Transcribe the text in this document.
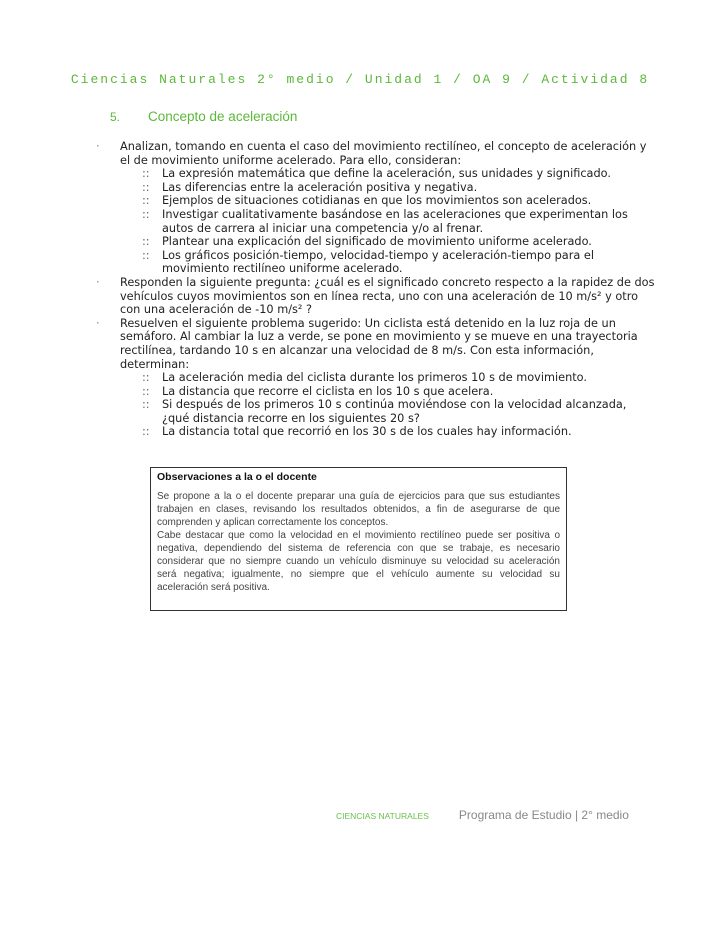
Ciencias Naturales 2° medio / Unidad 1 / OA 9 / Actividad 8
5. Concepto de aceleración
· Analizan, tomando en cuenta el caso del movimiento rectilíneo, el concepto de aceleración y el de movimiento uniforme acelerado. Para ello, consideran:
:: La expresión matemática que define la aceleración, sus unidades y significado.
:: Las diferencias entre la aceleración positiva y negativa.
:: Ejemplos de situaciones cotidianas en que los movimientos son acelerados.
:: Investigar cualitativamente basándose en las aceleraciones que experimentan los autos de carrera al iniciar una competencia y/o al frenar.
:: Plantear una explicación del significado de movimiento uniforme acelerado.
:: Los gráficos posición-tiempo, velocidad-tiempo y aceleración-tiempo para el movimiento rectilíneo uniforme acelerado.
· Responden la siguiente pregunta: ¿cuál es el significado concreto respecto a la rapidez de dos vehículos cuyos movimientos son en línea recta, uno con una aceleración de 10 m/s² y otro con una aceleración de -10 m/s² ?
· Resuelven el siguiente problema sugerido: Un ciclista está detenido en la luz roja de un semáforo. Al cambiar la luz a verde, se pone en movimiento y se mueve en una trayectoria rectilínea, tardando 10 s en alcanzar una velocidad de 8 m/s. Con esta información, determinan:
:: La aceleración media del ciclista durante los primeros 10 s de movimiento.
:: La distancia que recorre el ciclista en los 10 s que acelera.
:: Si después de los primeros 10 s continúa moviéndose con la velocidad alcanzada, ¿qué distancia recorre en los siguientes 20 s?
:: La distancia total que recorrió en los 30 s de los cuales hay información.
Observaciones a la o el docente

Se propone a la o el docente preparar una guía de ejercicios para que sus estudiantes trabajen en clases, revisando los resultados obtenidos, a fin de asegurarse de que comprenden y aplican correctamente los conceptos.

Cabe destacar que como la velocidad en el movimiento rectilíneo puede ser positiva o negativa, dependiendo del sistema de referencia con que se trabaje, es necesario considerar que no siempre cuando un vehículo disminuye su velocidad su aceleración será negativa; igualmente, no siempre que el vehículo aumente su velocidad su aceleración será positiva.

CIENCIAS NATURALES	Programa de Estudio | 2° medio
